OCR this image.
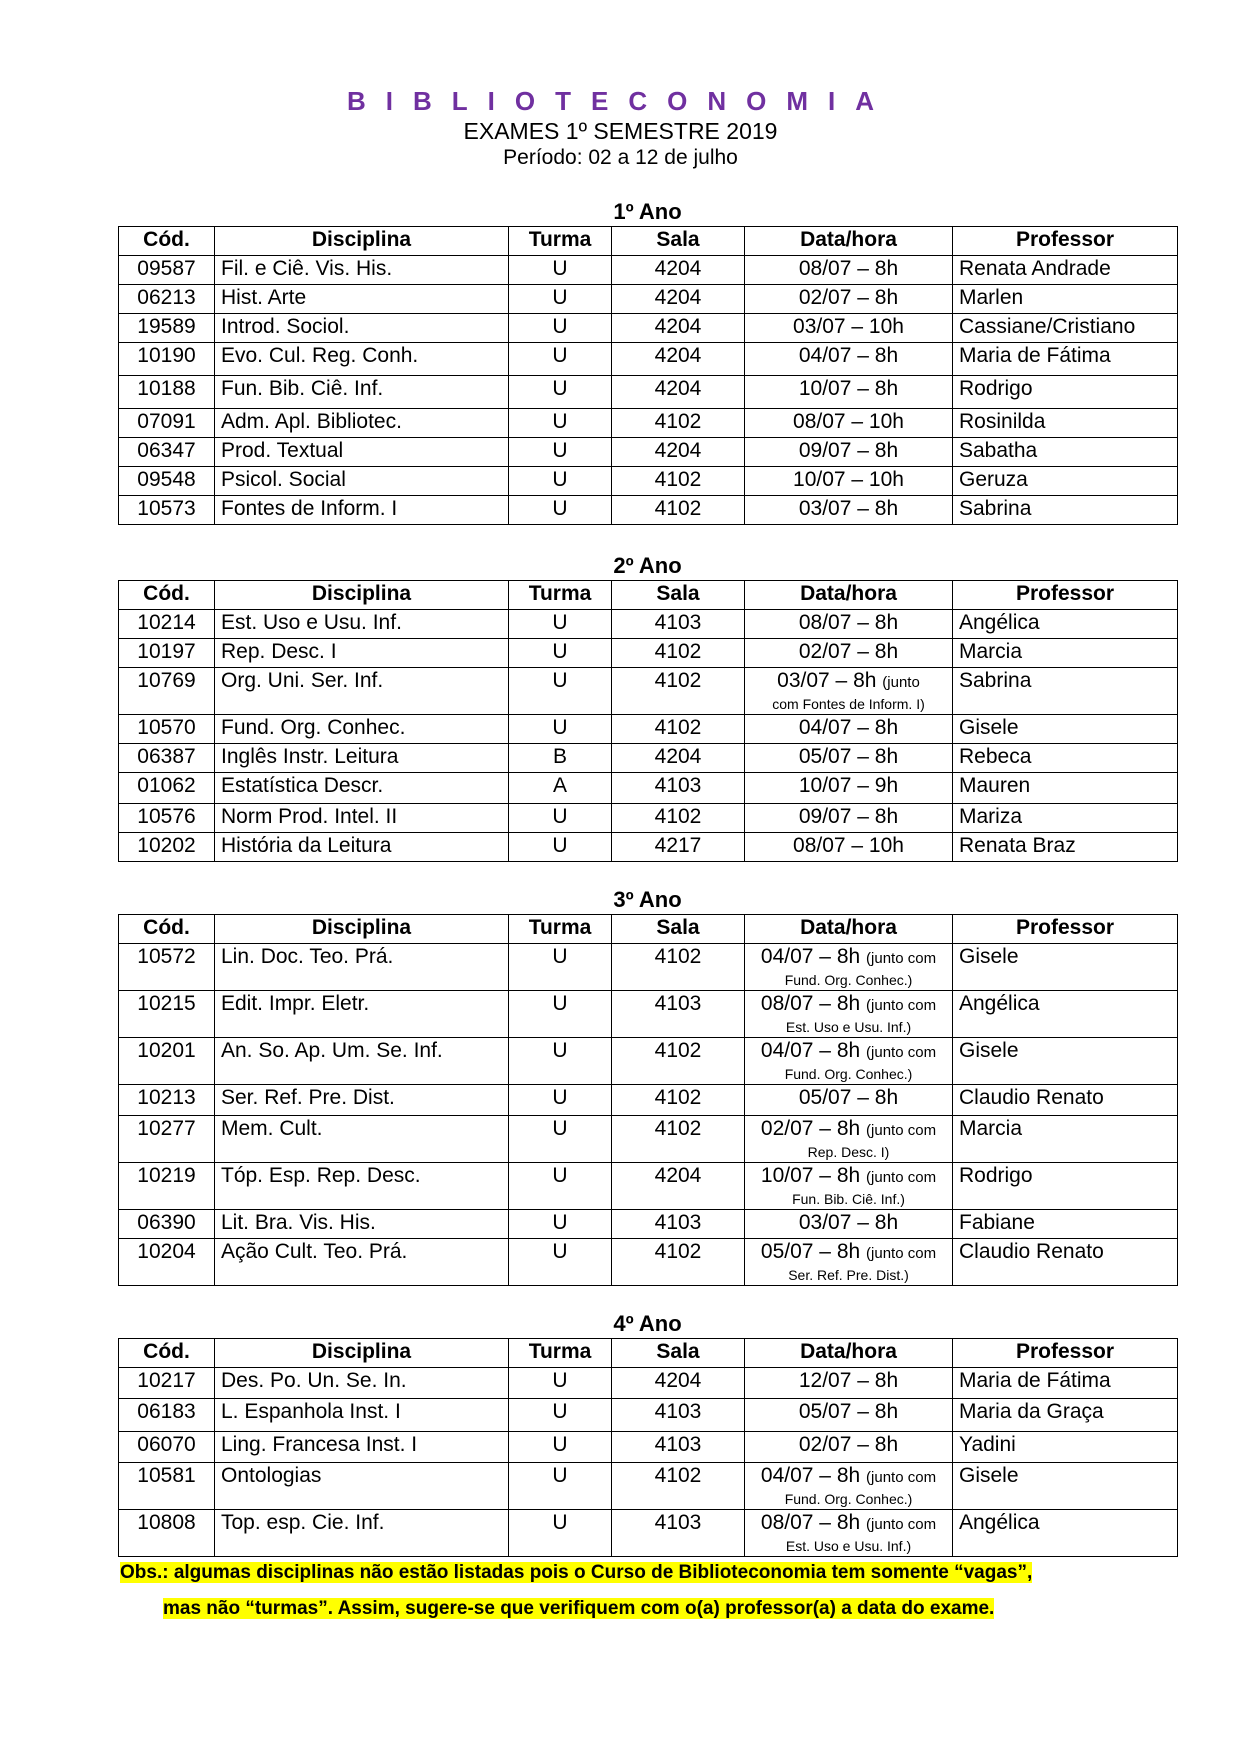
BIBLIOTECONOMIA
EXAMES 1º SEMESTRE 2019
Período: 02 a 12 de julho
1º Ano
Cód.	Disciplina	Turma	Sala	Data/hora	Professor
09587	Fil. e Ciê. Vis. His.	U	4204	08/07 – 8h	Renata Andrade
06213	Hist. Arte	U	4204	02/07 – 8h	Marlen
19589	Introd. Sociol.	U	4204	03/07 – 10h	Cassiane/Cristiano
10190	Evo. Cul. Reg. Conh.	U	4204	04/07 – 8h	Maria de Fátima
10188	Fun. Bib. Ciê. Inf.	U	4204	10/07 – 8h	Rodrigo
07091	Adm. Apl. Bibliotec.	U	4102	08/07 – 10h	Rosinilda
06347	Prod. Textual	U	4204	09/07 – 8h	Sabatha
09548	Psicol. Social	U	4102	10/07 – 10h	Geruza
10573	Fontes de Inform. I	U	4102	03/07 – 8h	Sabrina
2º Ano
Cód.	Disciplina	Turma	Sala	Data/hora	Professor
10214	Est. Uso e Usu. Inf.	U	4103	08/07 – 8h	Angélica
10197	Rep. Desc. I	U	4102	02/07 – 8h	Marcia
10769	Org. Uni. Ser. Inf.	U	4102	03/07 – 8h (junto
com Fontes de Inform. I)	Sabrina
10570	Fund. Org. Conhec.	U	4102	04/07 – 8h	Gisele
06387	Inglês Instr. Leitura	B	4204	05/07 – 8h	Rebeca
01062	Estatística Descr.	A	4103	10/07 – 9h	Mauren
10576	Norm Prod. Intel. II	U	4102	09/07 – 8h	Mariza
10202	História da Leitura	U	4217	08/07 – 10h	Renata Braz
3º Ano
Cód.	Disciplina	Turma	Sala	Data/hora	Professor
10572	Lin. Doc. Teo. Prá.	U	4102	04/07 – 8h (junto com
Fund. Org. Conhec.)	Gisele
10215	Edit. Impr. Eletr.	U	4103	08/07 – 8h (junto com
Est. Uso e Usu. Inf.)	Angélica
10201	An. So. Ap. Um. Se. Inf.	U	4102	04/07 – 8h (junto com
Fund. Org. Conhec.)	Gisele
10213	Ser. Ref. Pre. Dist.	U	4102	05/07 – 8h	Claudio Renato
10277	Mem. Cult.	U	4102	02/07 – 8h (junto com
Rep. Desc. I)	Marcia
10219	Tóp. Esp. Rep. Desc.	U	4204	10/07 – 8h (junto com
Fun. Bib. Ciê. Inf.)	Rodrigo
06390	Lit. Bra. Vis. His.	U	4103	03/07 – 8h	Fabiane
10204	Ação Cult. Teo. Prá.	U	4102	05/07 – 8h (junto com
Ser. Ref. Pre. Dist.)	Claudio Renato
4º Ano
Cód.	Disciplina	Turma	Sala	Data/hora	Professor
10217	Des. Po. Un. Se. In.	U	4204	12/07 – 8h	Maria de Fátima
06183	L. Espanhola Inst. I	U	4103	05/07 – 8h	Maria da Graça
06070	Ling. Francesa Inst. I	U	4103	02/07 – 8h	Yadini
10581	Ontologias	U	4102	04/07 – 8h (junto com
Fund. Org. Conhec.)	Gisele
10808	Top. esp. Cie. Inf.	U	4103	08/07 – 8h (junto com
Est. Uso e Usu. Inf.)	Angélica
Obs.: algumas disciplinas não estão listadas pois o Curso de Biblioteconomia tem somente “vagas”,
mas não “turmas”. Assim, sugere-se que verifiquem com o(a) professor(a) a data do exame.
